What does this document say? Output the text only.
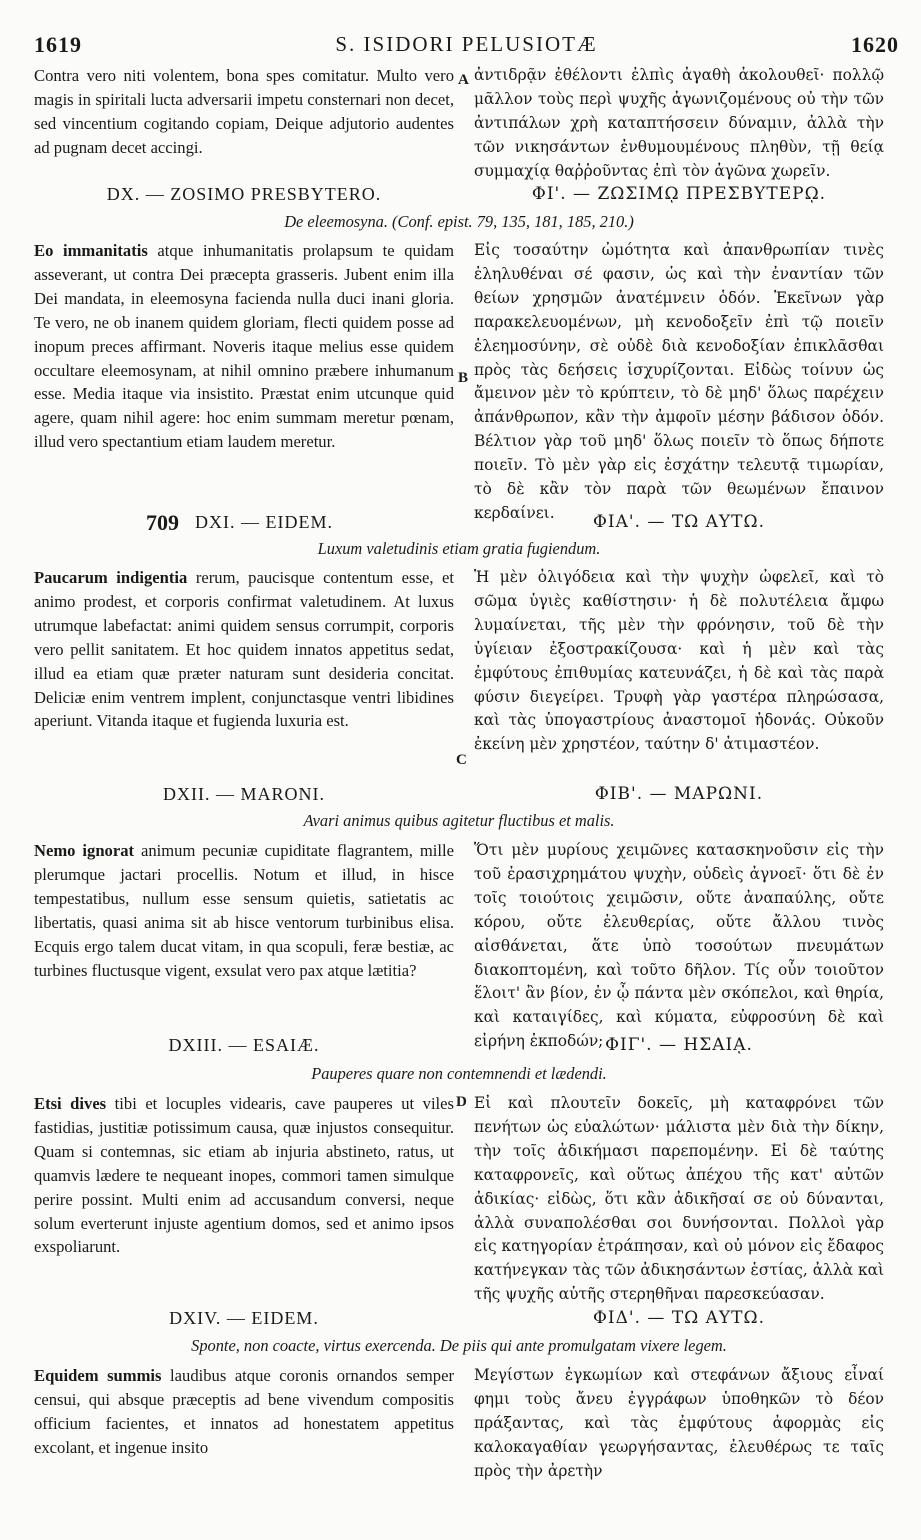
1619	S. ISIDORI PELUSIOTÆ	1620

Contra vero niti volentem, bona spes comitatur. Multo vero magis in spiritali lucta adversarii impetu consternari non decet, sed vincentium cogitando copiam, Deique adjutorio audentes ad pugnam decet accingi.

A ἀντιδρᾷν ἐθέλοντι ἐλπὶς ἀγαθὴ ἀκολουθεῖ· πολλῷ μᾶλλον τοὺς περὶ ψυχῆς ἀγωνιζομένους οὐ τὴν τῶν ἀντιπάλων χρὴ καταπτήσσειν δύναμιν, ἀλλὰ τὴν τῶν νικησάντων ἐνθυμουμένους πληθὺν, τῇ θείᾳ συμμαχίᾳ θαῤῥοῦντας ἐπὶ τὸν ἀγῶνα χωρεῖν.

DX. — ZOSIMO PRESBYTERO.	ΦΙ'. — ΖΩΣΙΜῼ ΠΡΕΣΒΥΤΕΡῼ.
De eleemosyna. (Conf. epist. 79, 135, 181, 185, 210.)

Eo immanitatis atque inhumanitatis prolapsum te quidam asseverant, ut contra Dei præcepta grasseris. Jubent enim illa Dei mandata, in eleemosyna facienda nulla duci inani gloria. Te vero, ne ob inanem quidem gloriam, flecti quidem posse ad inopum preces affirmant. Noveris itaque melius esse quidem occultare eleemosynam, at nihil omnino præbere inhumanum esse. Media itaque via insistito. Præstat enim utcunque quid agere, quam nihil agere: hoc enim summam meretur pœnam, illud vero spectantium etiam laudem meretur.

B

Εἰς τοσαύτην ὠμότητα καὶ ἀπανθρωπίαν τινὲς ἐληλυθέναι σέ φασιν, ὡς καὶ τὴν ἐναντίαν τῶν θείων χρησμῶν ἀνατέμνειν ὁδόν. Ἐκεῖνων γὰρ παρακελευομένων, μὴ κενοδοξεῖν ἐπὶ τῷ ποιεῖν ἐλεημοσύνην, σὲ οὐδὲ διὰ κενοδοξίαν ἐπικλᾶσθαι πρὸς τὰς δεήσεις ἰσχυρίζονται. Εἰδὼς τοίνυν ὡς ἄμεινον μὲν τὸ κρύπτειν, τὸ δὲ μηδ' ὅλως παρέχειν ἀπάνθρωπον, κἂν τὴν ἀμφοῖν μέσην βάδισον ὁδόν. Βέλτιον γὰρ τοῦ μηδ' ὅλως ποιεῖν τὸ ὅπως δήποτε ποιεῖν. Τὸ μὲν γὰρ εἰς ἐσχάτην τελευτᾷ τιμωρίαν, τὸ δὲ κἂν τὸν παρὰ τῶν θεωμένων ἔπαινον κερδαίνει.

709 DXI. — EIDEM.	ΦΙΑ'. — ΤΩ ΑΥΤΩ.
Luxum valetudinis etiam gratia fugiendum.

Paucarum indigentia rerum, paucisque contentum esse, et animo prodest, et corporis confirmat valetudinem. At luxus utrumque labefactat: animi quidem sensus corrumpit, corporis vero pellit sanitatem. Et hoc quidem innatos appetitus sedat, illud ea etiam quæ præter naturam sunt desideria concitat. Deliciæ enim ventrem implent, conjunctasque ventri libidines aperiunt. Vitanda itaque et fugienda luxuria est.

C

Ἡ μὲν ὀλιγόδεια καὶ τὴν ψυχὴν ὠφελεῖ, καὶ τὸ σῶμα ὑγιὲς καθίστησιν· ἡ δὲ πολυτέλεια ἄμφω λυμαίνεται, τῆς μὲν τὴν φρόνησιν, τοῦ δὲ τὴν ὑγίειαν ἐξοστρακίζουσα· καὶ ἡ μὲν καὶ τὰς ἐμφύτους ἐπιθυμίας κατευνάζει, ἡ δὲ καὶ τὰς παρὰ φύσιν διεγείρει. Τρυφὴ γὰρ γαστέρα πληρώσασα, καὶ τὰς ὑπογαστρίους ἀναστομοῖ ἡδονάς. Οὐκοῦν ἐκείνη μὲν χρηστέον, ταύτην δ' ἀτιμαστέον.

DXII. — MARONI.	ΦΙΒ'. — ΜΑΡΩΝΙ.
Avari animus quibus agitetur fluctibus et malis.

Nemo ignorat animum pecuniæ cupiditate flagrantem, mille plerumque jactari procellis. Notum et illud, in hisce tempestatibus, nullum esse sensum quietis, satietatis ac libertatis, quasi anima sit ab hisce ventorum turbinibus elisa. Ecquis ergo talem ducat vitam, in qua scopuli, feræ bestiæ, ac turbines fluctusque vigent, exsulat vero pax atque lætitia?

Ὅτι μὲν μυρίους χειμῶνες κατασκηνοῦσιν εἰς τὴν τοῦ ἐρασιχρημάτου ψυχὴν, οὐδεὶς ἀγνοεῖ· ὅτι δὲ ἐν τοῖς τοιούτοις χειμῶσιν, οὔτε ἀναπαύλης, οὔτε κόρου, οὔτε ἐλευθερίας, οὔτε ἄλλου τινὸς αἰσθάνεται, ἅτε ὑπὸ τοσούτων πνευμάτων διακοπτομένη, καὶ τοῦτο δῆλον. Τίς οὖν τοιοῦτον ἕλοιτ' ἂν βίον, ἐν ᾧ πάντα μὲν σκόπελοι, καὶ θηρία, καὶ καταιγίδες, καὶ κύματα, εὐφροσύνη δὲ καὶ εἰρήνη ἐκποδών;

DXIII. — ESAIÆ.	ΦΙΓ'. — ΗΣΑΙᾼ.
Pauperes quare non contemnendi et lædendi.

Etsi dives tibi et locuples videaris, cave pauperes ut viles fastidias, justitiæ potissimum causa, quæ injustos consequitur. Quam si contemnas, sic etiam ab injuria abstineto, ratus, ut quamvis lædere te nequeant inopes, commori tamen simulque perire possint. Multi enim ad accusandum conversi, neque solum everterunt injuste agentium domos, sed et animo ipsos exspoliarunt.

D Εἰ καὶ πλουτεῖν δοκεῖς, μὴ καταφρόνει τῶν πενήτων ὡς εὐαλώτων· μάλιστα μὲν διὰ τὴν δίκην, τὴν τοῖς ἀδικήμασι παρεπομένην. Εἰ δὲ ταύτης καταφρονεῖς, καὶ οὕτως ἀπέχου τῆς κατ' αὐτῶν ἀδικίας· εἰδὼς, ὅτι κἂν ἀδικῆσαί σε οὐ δύνανται, ἀλλὰ συναπολέσθαι σοι δυνήσονται. Πολλοὶ γὰρ εἰς κατηγορίαν ἐτράπησαν, καὶ οὐ μόνον εἰς ἔδαφος κατήνεγκαν τὰς τῶν ἀδικησάντων ἑστίας, ἀλλὰ καὶ τῆς ψυχῆς αὐτῆς στερηθῆναι παρεσκεύασαν.

DXIV. — EIDEM.	ΦΙΔ'. — ΤΩ ΑΥΤΩ.
Sponte, non coacte, virtus exercenda. De piis qui ante promulgatam vixere legem.

Equidem summis laudibus atque coronis ornandos semper censui, qui absque præceptis ad bene vivendum compositis officium facientes, et innatos ad honestatem appetitus excolant, et ingenue insito

Μεγίστων ἐγκωμίων καὶ στεφάνων ἄξιους εἶναί φημι τοὺς ἄνευ ἐγγράφων ὑποθηκῶν τὸ δέον πράξαντας, καὶ τὰς ἐμφύτους ἀφορμὰς εἰς καλοκαγαθίαν γεωργήσαντας, ἐλευθέρως τε ταῖς πρὸς τὴν ἀρετὴν
